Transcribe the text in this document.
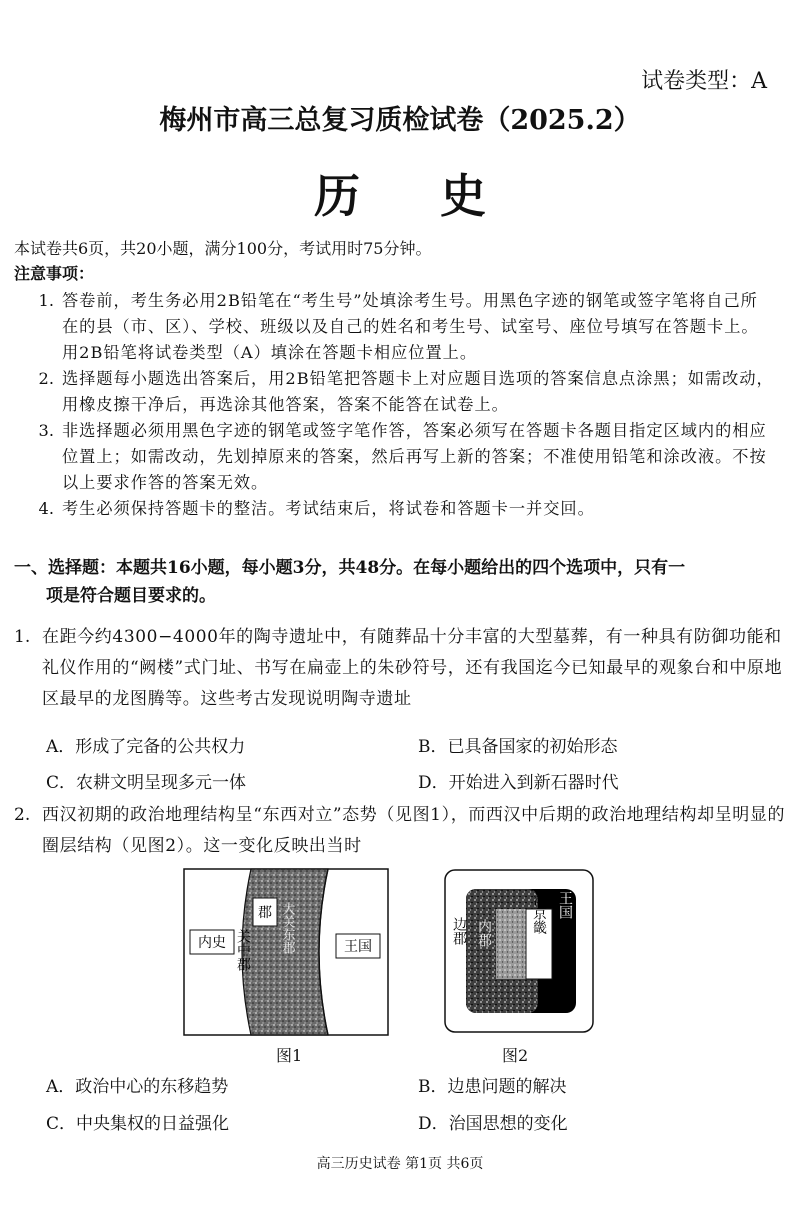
试卷类型：A
梅州市高三总复习质检试卷（2025.2）
历史
本试卷共6页，共20小题，满分100分，考试用时75分钟。
注意事项：
1. 答卷前，考生务必用2B铅笔在“考生号”处填涂考生号。用黑色字迹的钢笔或签字笔将自己所在的县（市、区）、学校、班级以及自己的姓名和考生号、试室号、座位号填写在答题卡上。用2B铅笔将试卷类型（A）填涂在答题卡相应位置上。
2. 选择题每小题选出答案后，用2B铅笔把答题卡上对应题目选项的答案信息点涂黑；如需改动，用橡皮擦干净后，再选涂其他答案，答案不能答在试卷上。
3. 非选择题必须用黑色字迹的钢笔或签字笔作答，答案必须写在答题卡各题目指定区域内的相应位置上；如需改动，先划掉原来的答案，然后再写上新的答案；不准使用铅笔和涂改液。不按以上要求作答的答案无效。
4. 考生必须保持答题卡的整洁。考试结束后，将试卷和答题卡一并交回。
一、选择题：本题共16小题，每小题3分，共48分。在每小题给出的四个选项中，只有一
项是符合题目要求的。
1. 在距今约4300−4000年的陶寺遗址中，有随葬品十分丰富的大型墓葬，有一种具有防御功能和礼仪作用的“阙楼”式门址、书写在扁壶上的朱砂符号，还有我国迄今已知最早的观象台和中原地区最早的龙图腾等。这些考古发现说明陶寺遗址
A．形成了完备的公共权力	B．已具备国家的初始形态
C．农耕文明呈现多元一体	D．开始进入到新石器时代
2. 西汉初期的政治地理结构呈“东西对立”态势（见图1），而西汉中后期的政治地理结构却呈明显的圈层结构（见图2）。这一变化反映出当时
郡
内史 关中郡 大关东郡	王国
图1
边郡 内郡	淮京畿 王国
图2
A．政治中心的东移趋势	B．边患问题的解决
C．中央集权的日益强化	D．治国思想的变化
高三历史试卷 第1页 共6页
